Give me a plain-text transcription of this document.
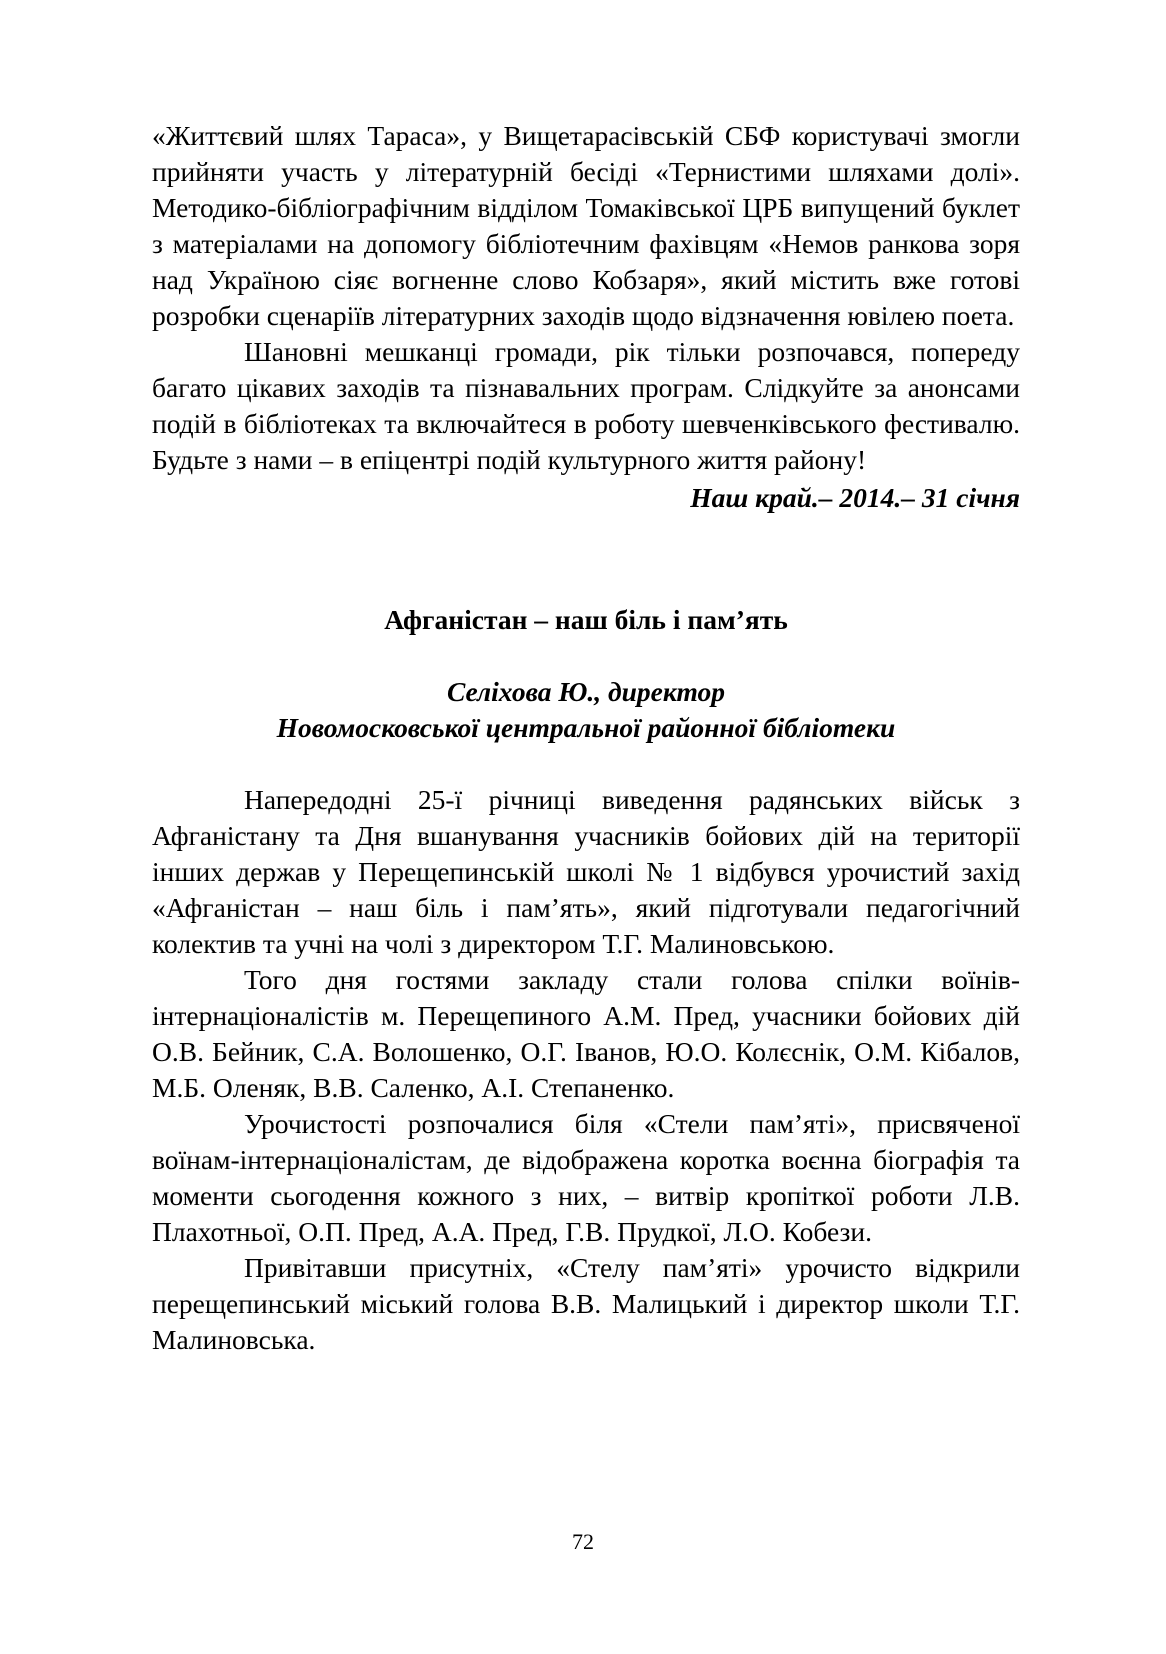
«Життєвий шлях Тараса», у Вищетарасівській СБФ користувачі змогли прийняти участь у літературній бесіді «Тернистими шляхами долі». Методико-бібліографічним відділом Томаківської ЦРБ випущений буклет з матеріалами на допомогу бібліотечним фахівцям «Немов ранкова зоря над Україною сіяє вогненне слово Кобзаря», який містить вже готові розробки сценаріїв літературних заходів щодо відзначення ювілею поета.

Шановні мешканці громади, рік тільки розпочався, попереду багато цікавих заходів та пізнавальних програм. Слідкуйте за анонсами подій в бібліотеках та включайтеся в роботу шевченківського фестивалю. Будьте з нами – в епіцентрі подій культурного життя району!

Наш край.– 2014.– 31 січня

Афганістан – наш біль і пам’ять
Селіхова Ю., директор
Новомосковської центральної районної бібліотеки

Напередодні 25-ї річниці виведення радянських військ з Афганістану та Дня вшанування учасників бойових дій на території інших держав у Перещепинській школі № 1 відбувся урочистий захід «Афганістан – наш біль і пам’ять», який підготували педагогічний колектив та учні на чолі з директором Т.Г. Малиновською.

Того дня гостями закладу стали голова спілки воїнів-інтернаціоналістів м. Перещепиного А.М. Пред, учасники бойових дій О.В. Бейник, С.А. Волошенко, О.Г. Іванов, Ю.О. Колєснік, О.М. Кібалов, М.Б. Оленяк, В.В. Саленко, А.І. Степаненко.

Урочистості розпочалися біля «Стели пам’яті», присвяченої воїнам-інтернаціоналістам, де відображена коротка воєнна біографія та моменти сьогодення кожного з них, – витвір кропіткої роботи Л.В. Плахотньої, О.П. Пред, А.А. Пред, Г.В. Прудкої, Л.О. Кобези.

Привітавши присутніх, «Стелу пам’яті» урочисто відкрили перещепинський міський голова В.В. Малицький і директор школи Т.Г. Малиновська.

72
